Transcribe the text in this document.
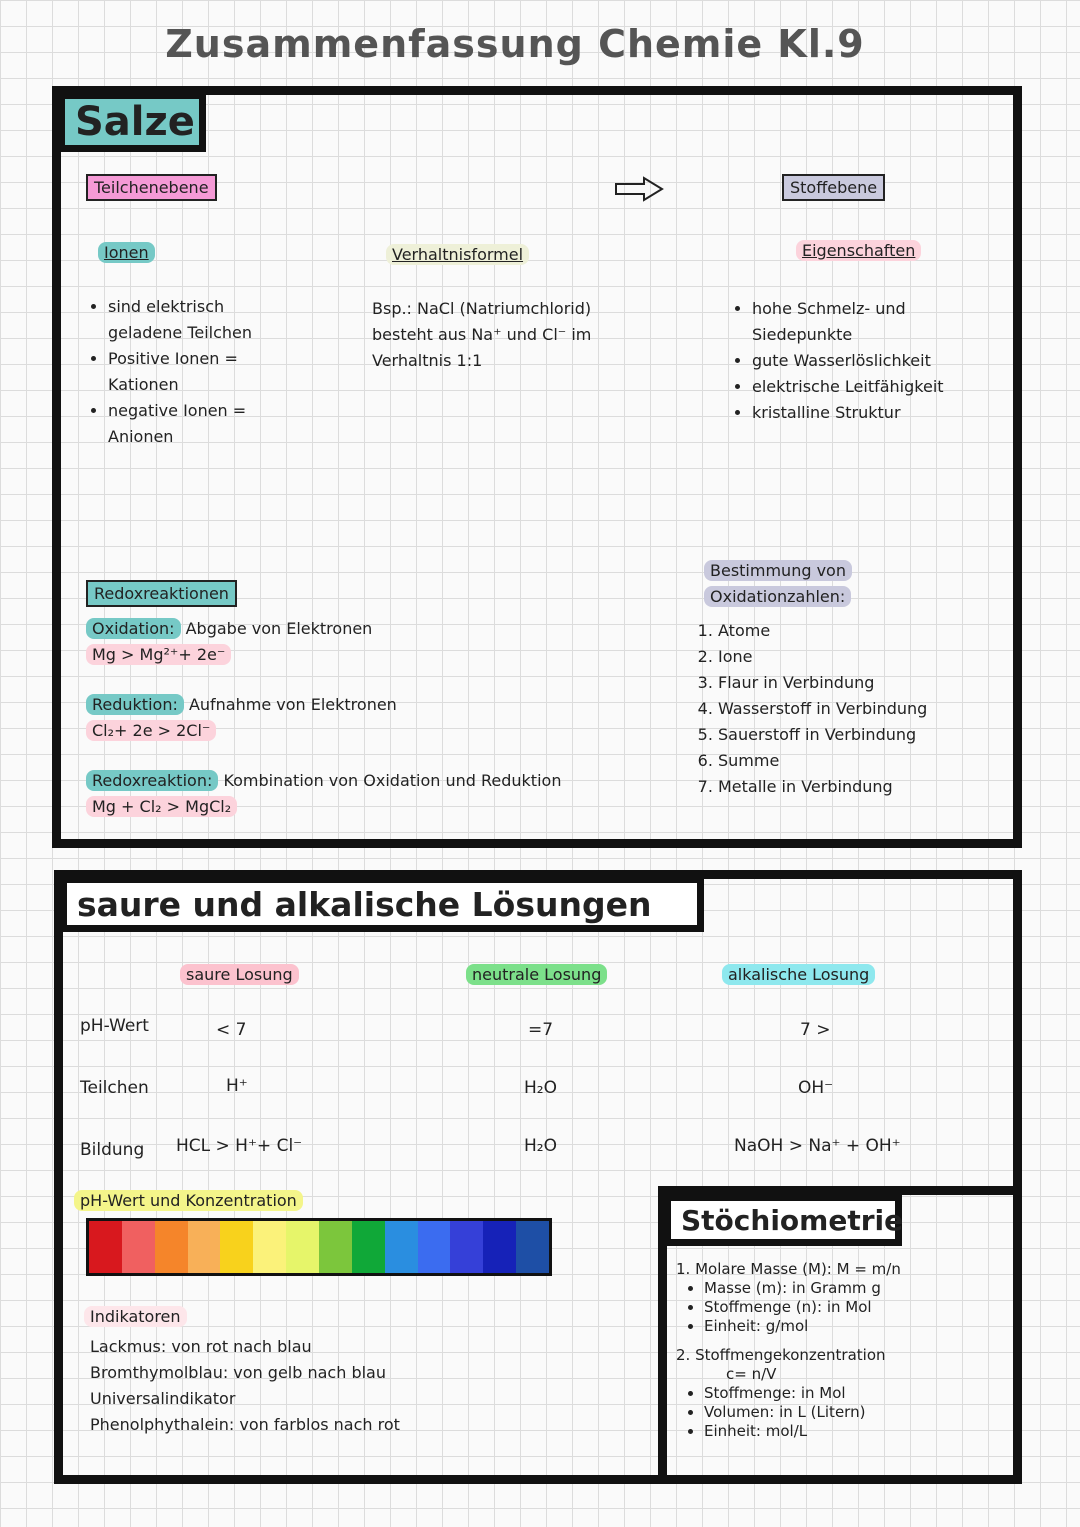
Zusammenfassung Chemie Kl.9
Salze
Teilchenebene	Stoffebene
Ionen
• sind elektrisch geladene Teilchen
• Positive Ionen = Kationen
• negative Ionen = Anionen
Verhaltnisformel
Bsp.: NaCl (Natriumchlorid)
besteht aus Na⁺ und Cl⁻ im
Verhaltnis 1:1
Eigenschaften
• hohe Schmelz- und Siedepunkte
• gute Wasserlöslichkeit
• elektrische Leitfähigkeit
• kristalline Struktur
Redoxreaktionen
Oxidation: Abgabe von Elektronen
Mg > Mg²⁺+ 2e⁻
Reduktion: Aufnahme von Elektronen
Cl₂+ 2e > 2Cl⁻
Redoxreaktion: Kombination von Oxidation und Reduktion
Mg + Cl₂ > MgCl₂
Bestimmung von
Oxidationzahlen:
1. Atome
2. Ione
3. Flaur in Verbindung
4. Wasserstoff in Verbindung
5. Sauerstoff in Verbindung
6. Summe
7. Metalle in Verbindung
saure und alkalische Lösungen
saure Losung	neutrale Losung	alkalische Losung
pH-Wert	< 7	=7	7 >
Teilchen	H⁺	H₂O	OH⁻
Bildung HCL > H⁺+ Cl⁻	H₂O	NaOH > Na⁺ + OH⁺
pH-Wert und Konzentration
Indikatoren
Lackmus: von rot nach blau
Bromthymolblau: von gelb nach blau
Universalindikator
Phenolphythalein: von farblos nach rot
Stöchiometrie
1. Molare Masse (M): M = m/n
• Masse (m): in Gramm g
• Stoffmenge (n): in Mol
• Einheit: g/mol
2. Stoffmengekonzentration
c= n/V
• Stoffmenge: in Mol
• Volumen: in L (Litern)
• Einheit: mol/L
